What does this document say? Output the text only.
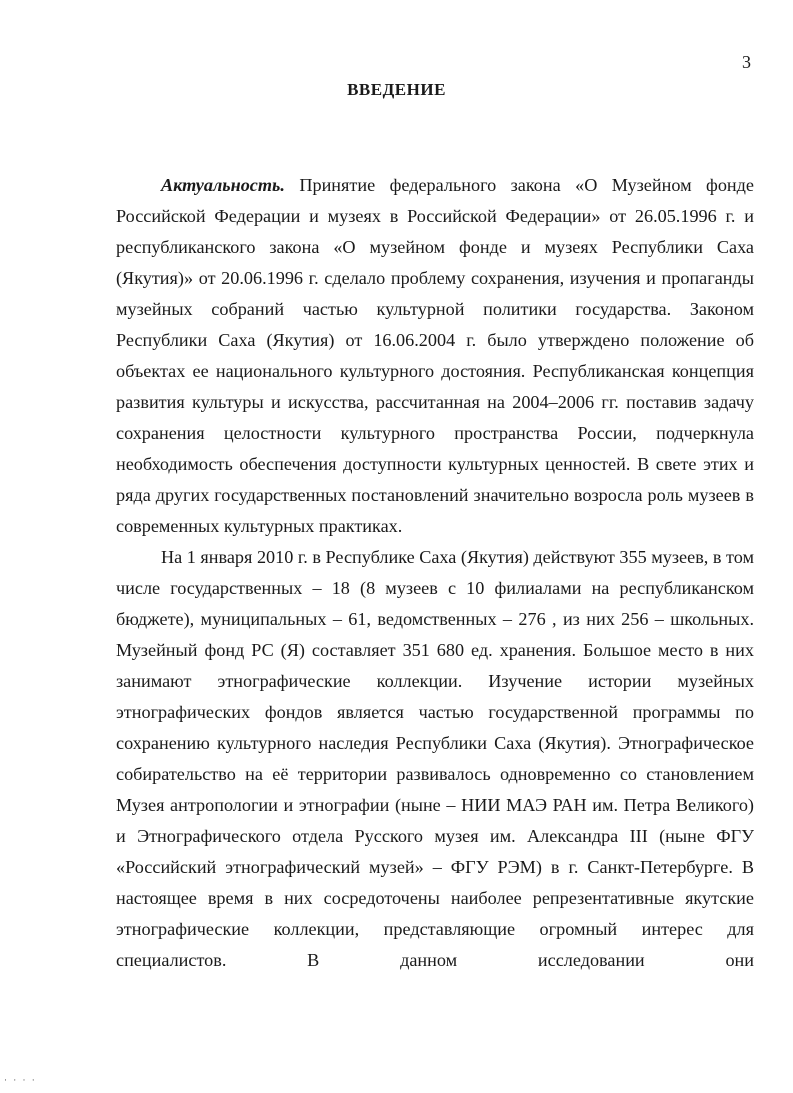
3
ВВЕДЕНИЕ

Актуальность. Принятие федерального закона «О Музейном фонде Российской Федерации и музеях в Российской Федерации» от 26.05.1996 г. и республиканского закона «О музейном фонде и музеях Республики Саха (Якутия)» от 20.06.1996 г. сделало проблему сохранения, изучения и пропаганды музейных собраний частью культурной политики государства. Законом Республики Саха (Якутия) от 16.06.2004 г. было утверждено положение об объектах ее национального культурного достояния. Республиканская концепция развития культуры и искусства, рассчитанная на 2004–2006 гг. поставив задачу сохранения целостности культурного пространства России, подчеркнула необходимость обеспечения доступности культурных ценностей. В свете этих и ряда других государственных постановлений значительно возросла роль музеев в современных культурных практиках.

На 1 января 2010 г. в Республике Саха (Якутия) действуют 355 музеев, в том числе государственных – 18 (8 музеев с 10 филиалами на республиканском бюджете), муниципальных – 61, ведомственных – 276 , из них 256 – школьных. Музейный фонд РС (Я) составляет 351 680 ед. хранения. Большое место в них занимают этнографические коллекции. Изучение истории музейных этнографических фондов является частью государственной программы по сохранению культурного наследия Республики Саха (Якутия). Этнографическое собирательство на её территории развивалось одновременно со становлением Музея антропологии и этнографии (ныне – НИИ МАЭ РАН им. Петра Великого) и Этнографического отдела Русского музея им. Александра III (ныне ФГУ «Российский этнографический музей» – ФГУ РЭМ) в г. Санкт-Петербурге. В настоящее время в них сосредоточены наиболее репрезентативные якутские этнографические коллекции, представляющие огромный интерес для специалистов. В данном исследовании они

· · · ·
